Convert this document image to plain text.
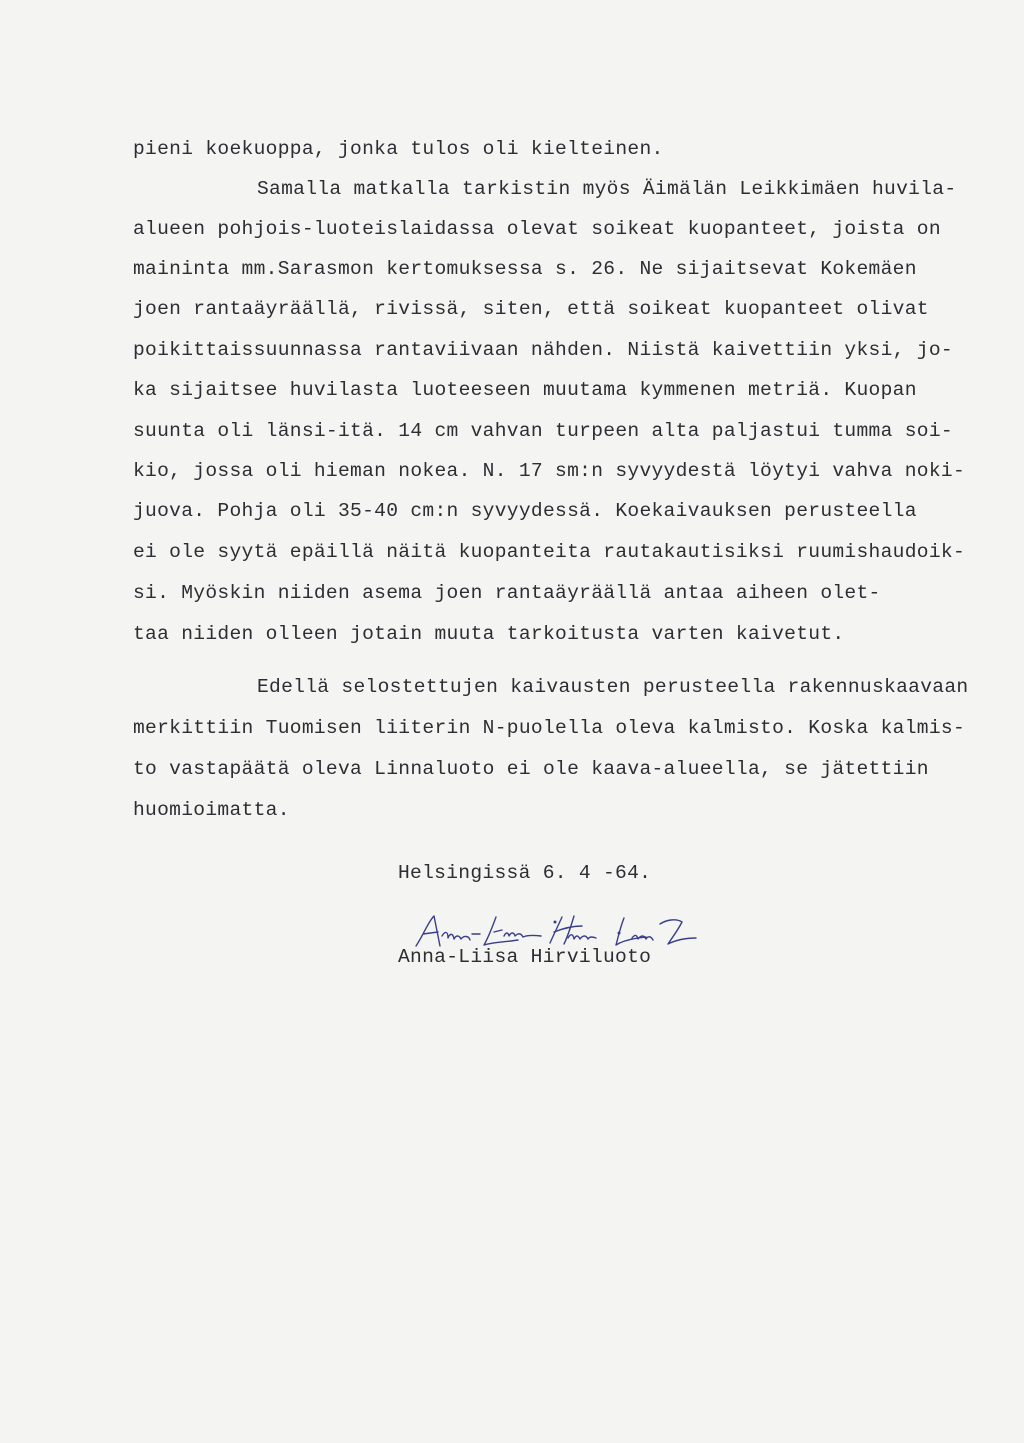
pieni koekuoppa, jonka tulos oli kielteinen.
Samalla matkalla tarkistin myös Äimälän Leikkimäen huvila-
alueen pohjois-luoteislaidassa olevat soikeat kuopanteet, joista on
maininta mm.Sarasmon kertomuksessa s. 26. Ne sijaitsevat Kokemäen
joen rantaäyräällä, rivissä, siten, että soikeat kuopanteet olivat
poikittaissuunnassa rantaviivaan nähden. Niistä kaivettiin yksi, jo-
ka sijaitsee huvilasta luoteeseen muutama kymmenen metriä. Kuopan
suunta oli länsi-itä. 14 cm vahvan turpeen alta paljastui tumma soi-
kio, jossa oli hieman nokea. N. 17 sm:n syvyydestä löytyi vahva noki-
juova. Pohja oli 35-40 cm:n syvyydessä. Koekaivauksen perusteella
ei ole syytä epäillä näitä kuopanteita rautakautisiksi ruumishaudoik-
si. Myöskin niiden asema joen rantaäyräällä antaa aiheen olet-
taa niiden olleen jotain muuta tarkoitusta varten kaivetut.
Edellä selostettujen kaivausten perusteella rakennuskaavaan
merkittiin Tuomisen liiterin N-puolella oleva kalmisto. Koska kalmis-
to vastapäätä oleva Linnaluoto ei ole kaava-alueella, se jätettiin
huomioimatta.
Helsingissä 6. 4 -64.
Anna-Liisa Hirviluoto
